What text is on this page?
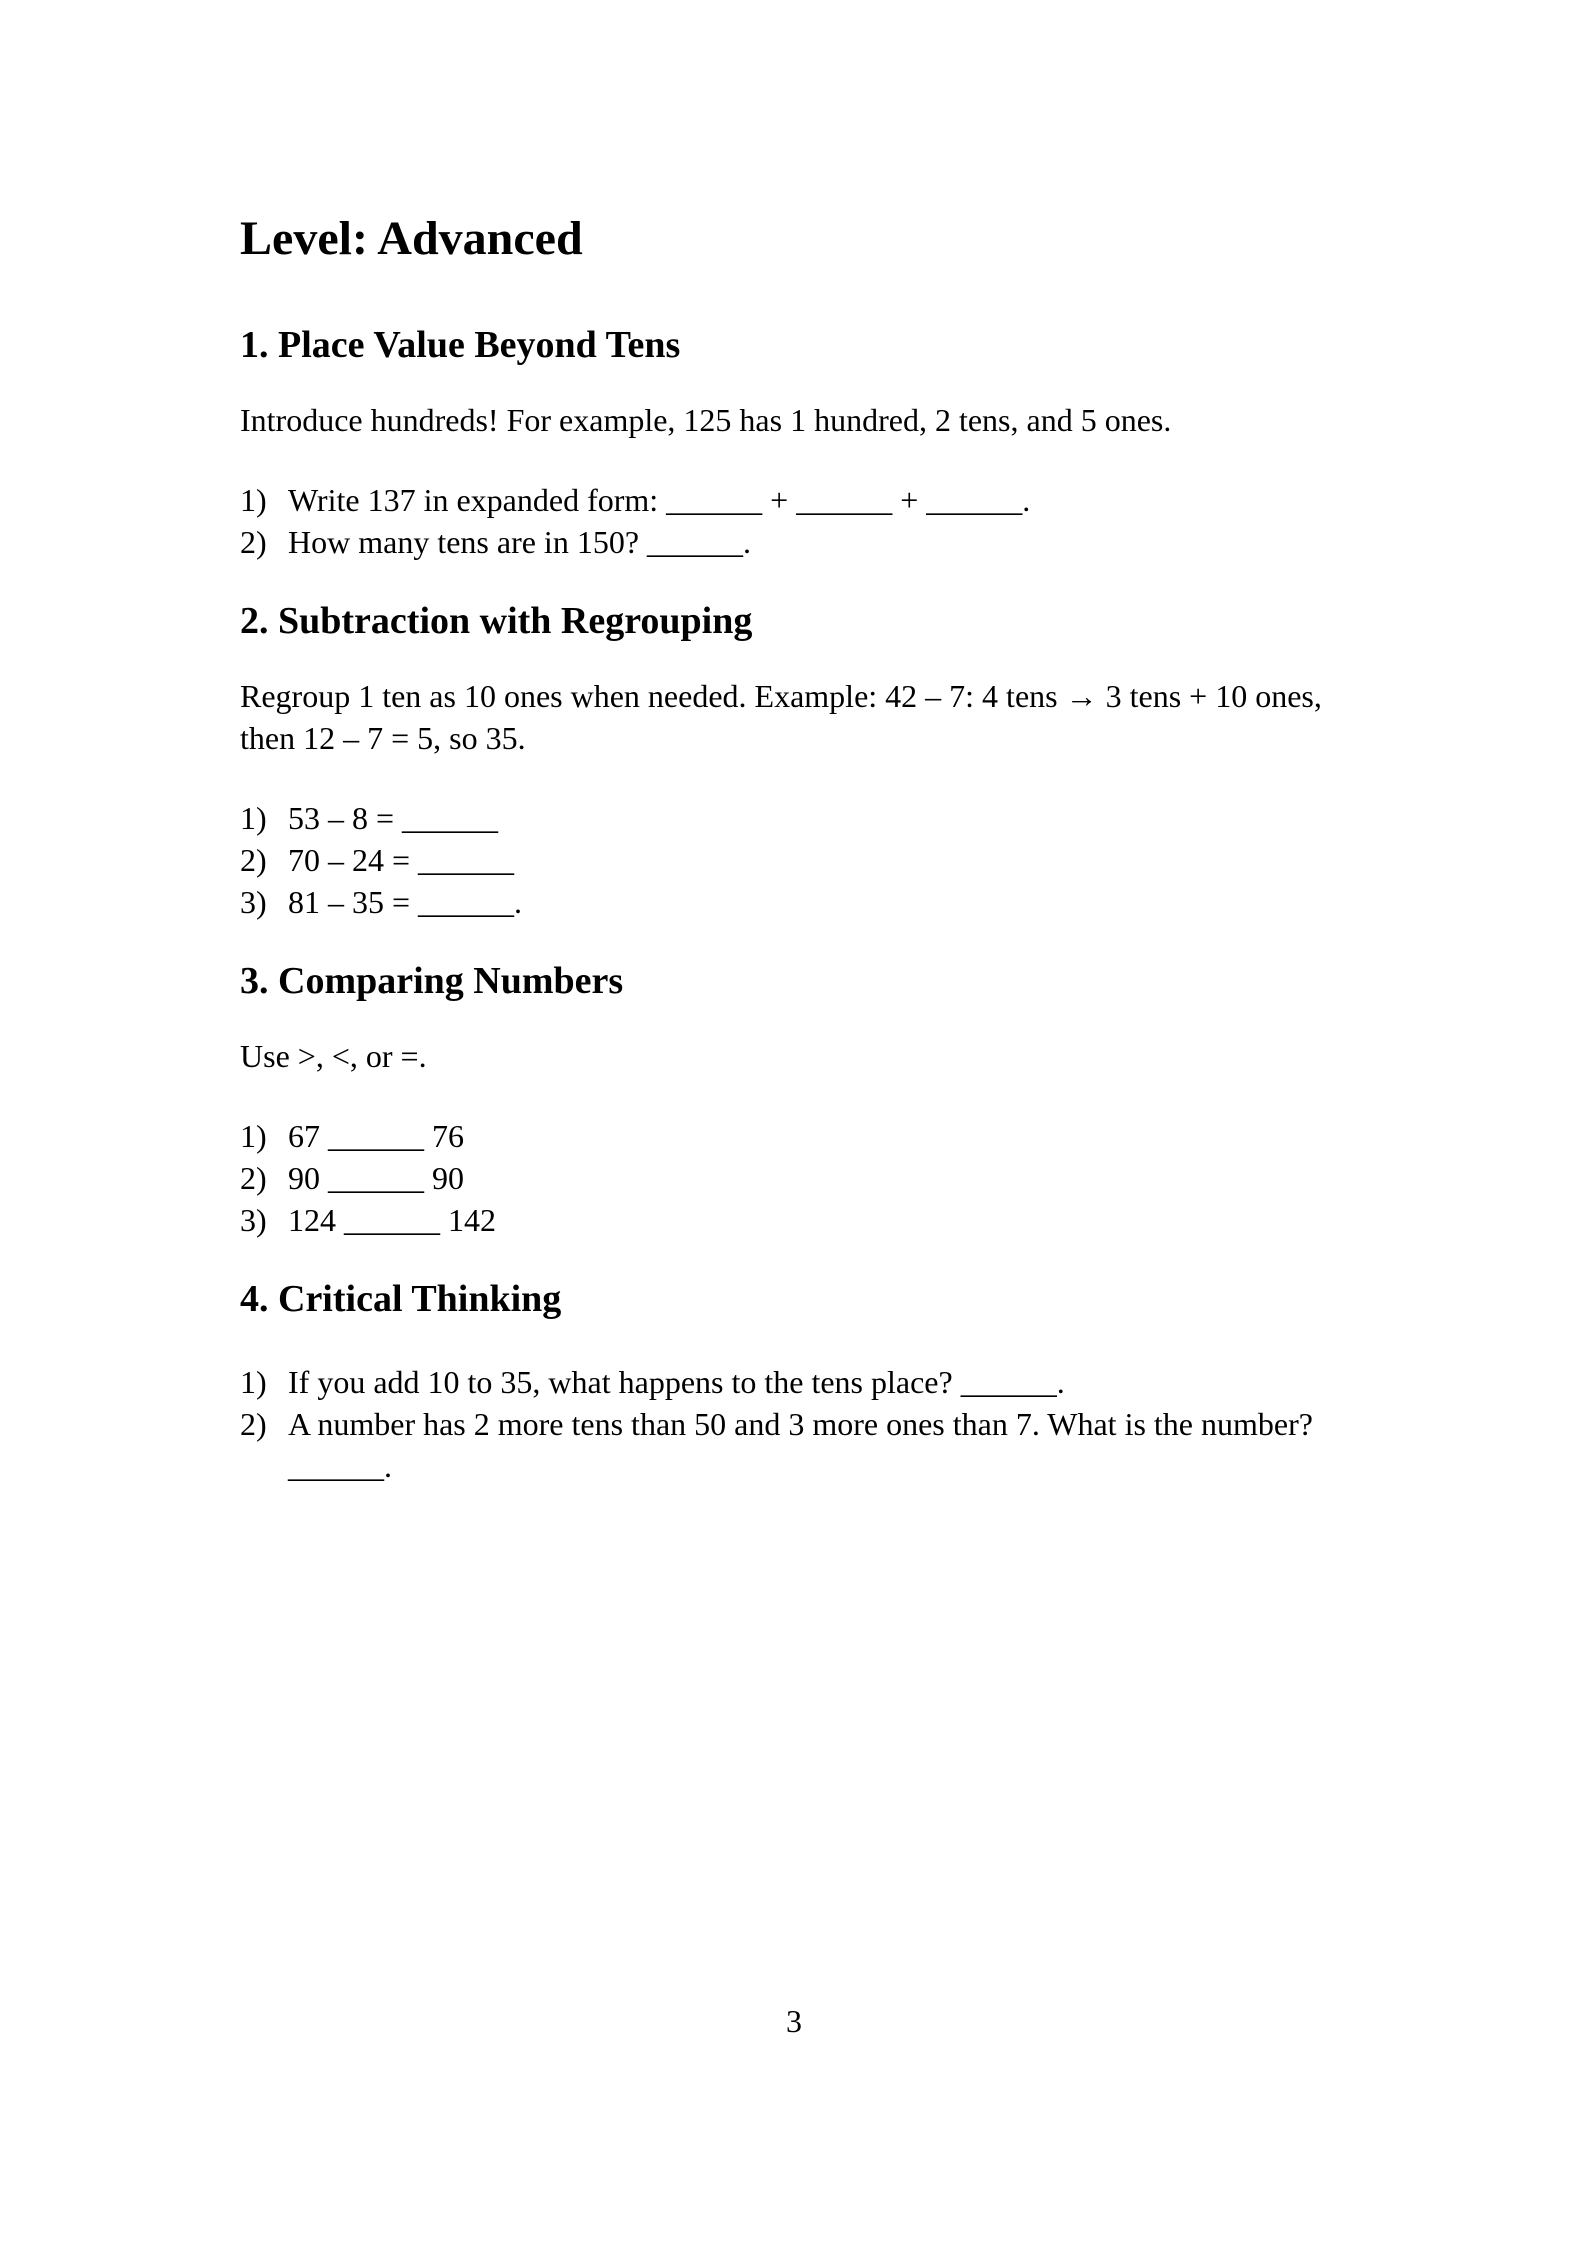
Level: Advanced
1. Place Value Beyond Tens

Introduce hundreds! For example, 125 has 1 hundred, 2 tens, and 5 ones.

1) Write 137 in expanded form: ______ + ______ + ______.
2) How many tens are in 150? ______.
2. Subtraction with Regrouping

Regroup 1 ten as 10 ones when needed. Example: 42 – 7: 4 tens → 3 tens + 10 ones, then 12 – 7 = 5, so 35.

1) 53 – 8 = ______
2) 70 – 24 = ______
3) 81 – 35 = ______.
3. Comparing Numbers

Use >, <, or =.

1) 67 ______ 76
2) 90 ______ 90
3) 124 ______ 142
4. Critical Thinking
1) If you add 10 to 35, what happens to the tens place? ______.
2) A number has 2 more tens than 50 and 3 more ones than 7. What is the number? ______.
3
